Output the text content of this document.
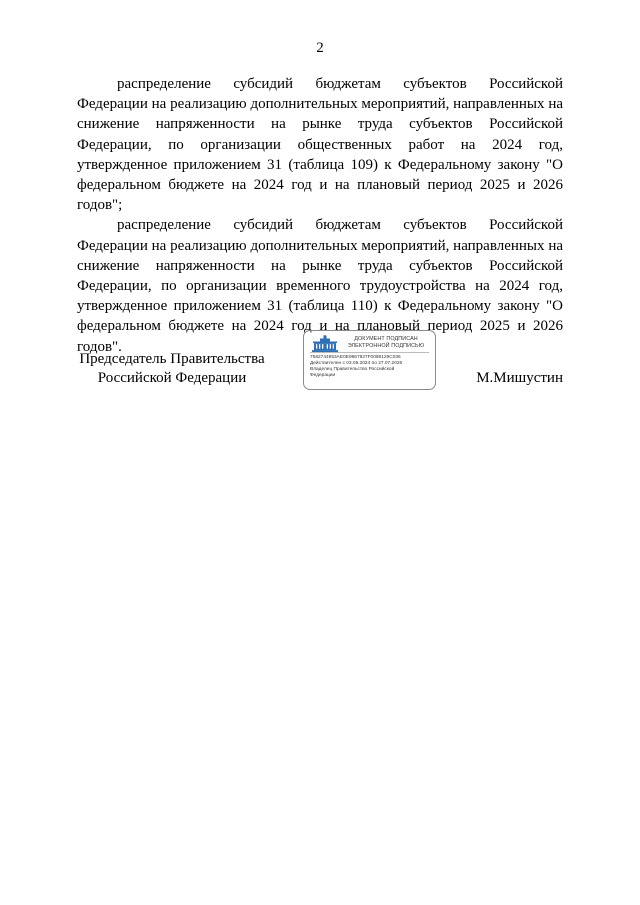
2

распределение субсидий бюджетам субъектов Российской Федерации на реализацию дополнительных мероприятий, направленных на снижение напряженности на рынке труда субъектов Российской Федерации, по организации общественных работ на 2024 год, утвержденное приложением 31 (таблица 109) к Федеральному закону "О федеральном бюджете на 2024 год и на плановый период 2025 и 2026 годов";

распределение субсидий бюджетам субъектов Российской Федерации на реализацию дополнительных мероприятий, направленных на снижение напряженности на рынке труда субъектов Российской Федерации, по организации временного трудоустройства на 2024 год, утвержденное приложением 31 (таблица 110) к Федеральному закону "О федеральном бюджете на 2024 год и на плановый период 2025 и 2026 годов".

Председатель Правительства
Российской Федерации
ДОКУМЕНТ ПОДПИСАН
ЭЛЕКТРОННОЙ ПОДПИСЬЮ
7582744953AE0E9967837F0088129C036
Действителен с 03.05.2024 по 27.07.2025
Владелец Правительство Российской
Федерации	М.Мишустин
